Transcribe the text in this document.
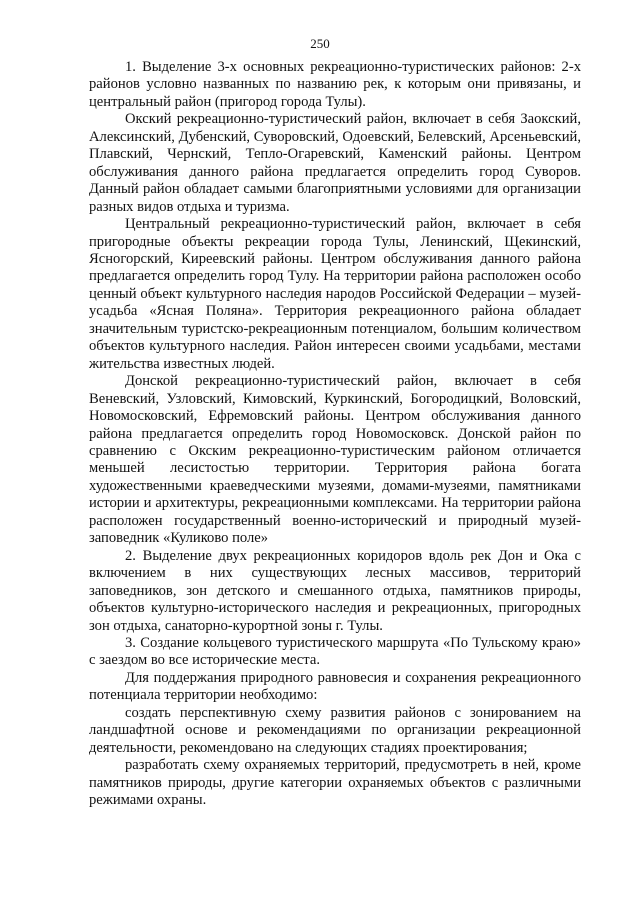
250

1. Выделение 3-х основных рекреационно-туристических районов: 2-х районов условно названных по названию рек, к которым они привязаны, и центральный район (пригород города Тулы).

Окский рекреационно-туристический район, включает в себя Заокский, Алексинский, Дубенский, Суворовский, Одоевский, Белевский, Арсеньевский, Плавский, Чернский, Тепло-Огаревский, Каменский районы. Центром обслуживания данного района предлагается определить город Суворов. Данный район обладает самыми благоприятными условиями для организации разных видов отдыха и туризма.

Центральный рекреационно-туристический район, включает в себя пригородные объекты рекреации города Тулы, Ленинский, Щекинский, Ясногорский, Киреевский районы. Центром обслуживания данного района предлагается определить город Тулу. На территории района расположен особо ценный объект культурного наследия народов Российской Федерации – музей-усадьба «Ясная Поляна». Территория рекреационного района обладает значительным туристско-рекреационным потенциалом, большим количеством объектов культурного наследия. Район интересен своими усадьбами, местами жительства известных людей.

Донской рекреационно-туристический район, включает в себя Веневский, Узловский, Кимовский, Куркинский, Богородицкий, Воловский, Новомосковский, Ефремовский районы. Центром обслуживания данного района предлагается определить город Новомосковск. Донской район по сравнению с Окским рекреационно-туристическим районом отличается меньшей лесистостью территории. Территория района богата художественными краеведческими музеями, домами-музеями, памятниками истории и архитектуры, рекреационными комплексами. На территории района расположен государственный военно-исторический и природный музей-заповедник «Куликово поле»

2. Выделение двух рекреационных коридоров вдоль рек Дон и Ока с включением в них существующих лесных массивов, территорий заповедников, зон детского и смешанного отдыха, памятников природы, объектов культурно-исторического наследия и рекреационных, пригородных зон отдыха, санаторно-курортной зоны г. Тулы.

3. Создание кольцевого туристического маршрута «По Тульскому краю» с заездом во все исторические места.

Для поддержания природного равновесия и сохранения рекреационного потенциала территории необходимо:

создать перспективную схему развития районов с зонированием на ландшафтной основе и рекомендациями по организации рекреационной деятельности, рекомендовано на следующих стадиях проектирования;

разработать схему охраняемых территорий, предусмотреть в ней, кроме памятников природы, другие категории охраняемых объектов с различными режимами охраны.
